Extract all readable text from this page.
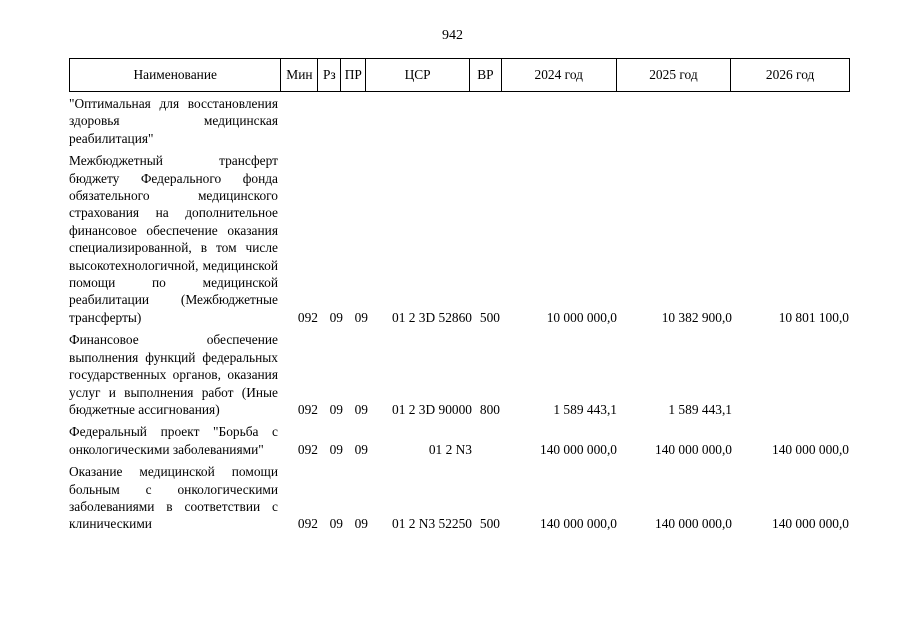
942
Наименование	Мин Рз ПР	ЦСР	ВР	2024 год	2025 год	2026 год
"Оптимальная для восстановления здоровья медицинская реабилитация"
Межбюджетный трансферт бюджету Федерального фонда обязательного медицинского страхования на дополнительное финансовое обеспечение оказания специализированной, в том числе высокотехнологичной, медицинской помощи по медицинской реабилитации (Межбюджетные трансферты)	092 09 09	01 2 3D 52860 500	10 000 000,0	10 382 900,0	10 801 100,0
Финансовое обеспечение выполнения функций федеральных государственных органов, оказания услуг и выполнения работ (Иные бюджетные ассигнования)	092 09 09	01 2 3D 90000 800	1 589 443,1	1 589 443,1
Федеральный проект "Борьба с онкологическими заболеваниями"	092 09 09	01 2 N3	140 000 000,0	140 000 000,0	140 000 000,0
Оказание медицинской помощи больным с онкологическими заболеваниями в соответствии с клиническими	092 09 09	01 2 N3 52250 500	140 000 000,0	140 000 000,0	140 000 000,0
